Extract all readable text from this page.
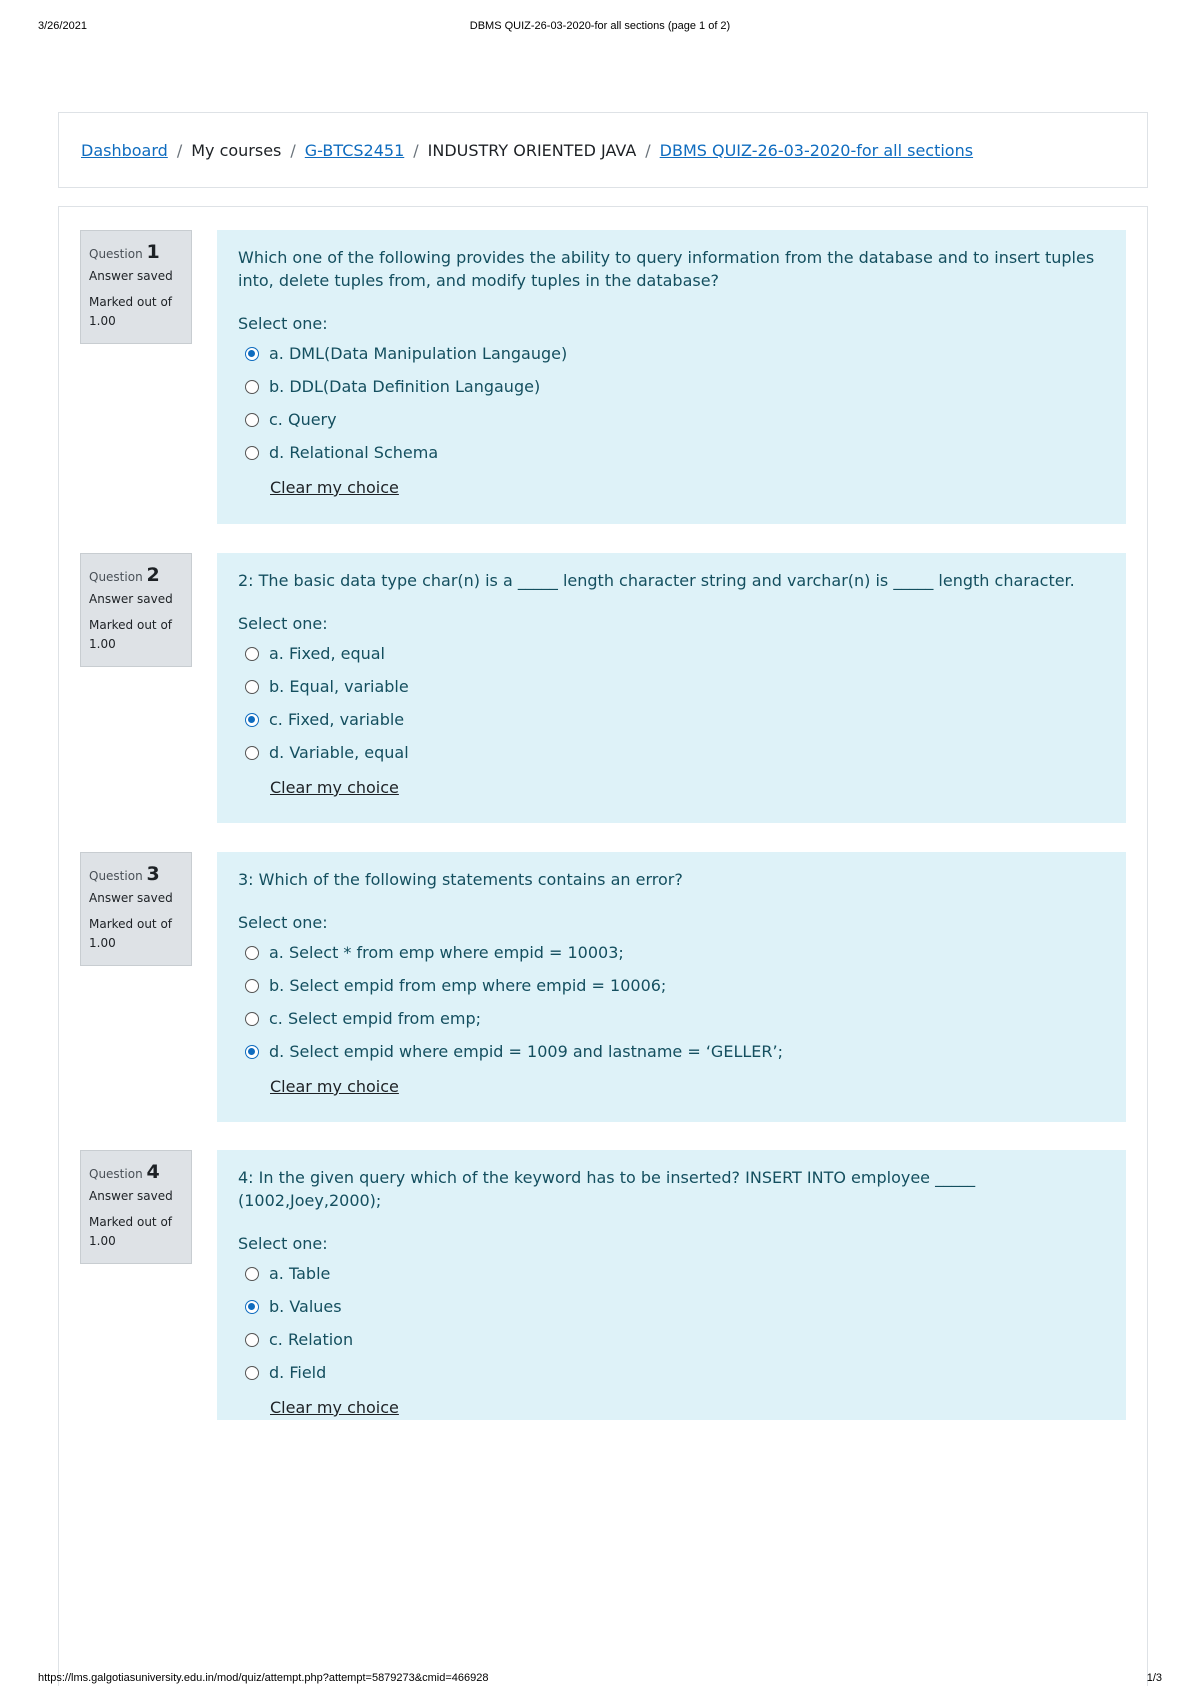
3/26/2021	DBMS QUIZ-26-03-2020-for all sections (page 1 of 2)
Dashboard / My courses / G-BTCS2451 / INDUSTRY ORIENTED JAVA / DBMS QUIZ-26-03-2020-for all sections
Question 1
Answer saved
Marked out of 1.00
Which one of the following provides the ability to query information from the database and to insert tuples into, delete tuples from, and modify tuples in the database?
Select one:
a. DML(Data Manipulation Langauge)
b. DDL(Data Definition Langauge)
c. Query
d. Relational Schema
Clear my choice
Question 2
Answer saved
Marked out of 1.00
2: The basic data type char(n) is a _____ length character string and varchar(n) is _____ length character.
Select one:
a. Fixed, equal
b. Equal, variable
c. Fixed, variable
d. Variable, equal
Clear my choice
Question 3
Answer saved
Marked out of 1.00
3: Which of the following statements contains an error?
Select one:
a. Select * from emp where empid = 10003;
b. Select empid from emp where empid = 10006;
c. Select empid from emp;
d. Select empid where empid = 1009 and lastname = ‘GELLER’;
Clear my choice
Question 4
Answer saved
Marked out of 1.00
4: In the given query which of the keyword has to be inserted? INSERT INTO employee _____ (1002,Joey,2000);
Select one:
a. Table
b. Values
c. Relation
d. Field
Clear my choice
https://lms.galgotiasuniversity.edu.in/mod/quiz/attempt.php?attempt=5879273&cmid=466928	1/3
